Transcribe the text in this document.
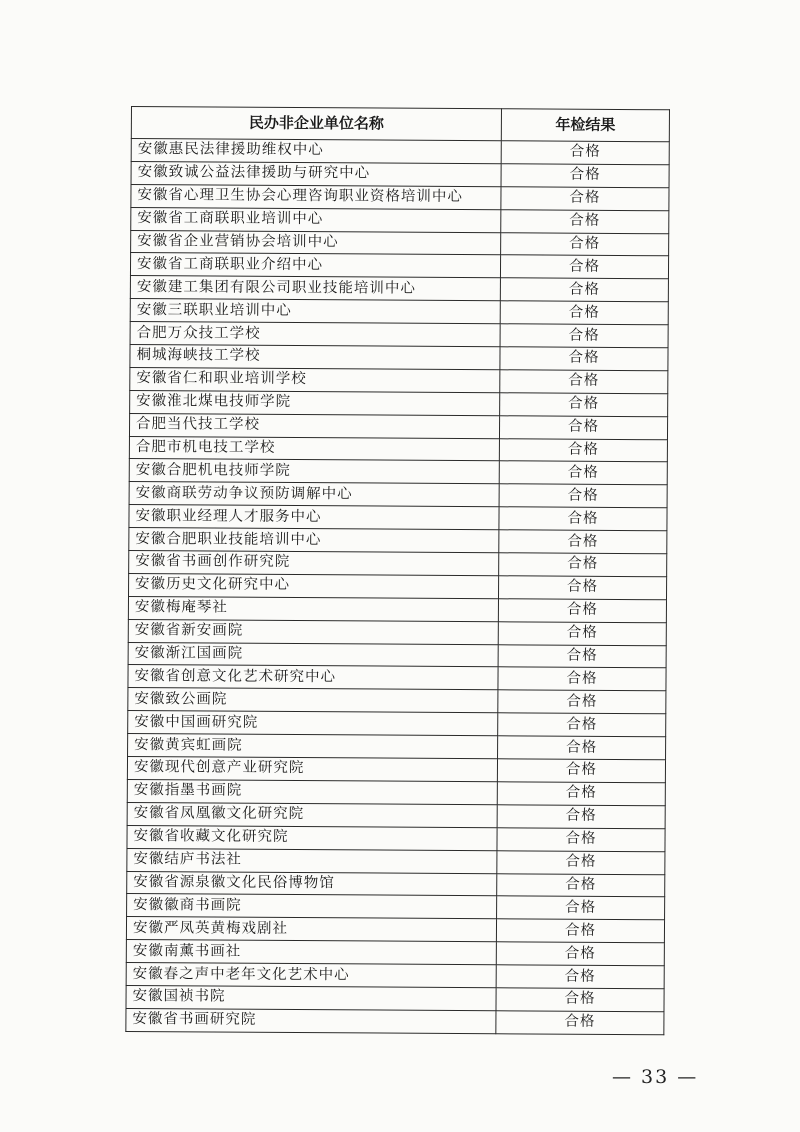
民办非企业单位名称	年检结果
安徽惠民法律援助维权中心	合格
安徽致诚公益法律援助与研究中心	合格
安徽省心理卫生协会心理咨询职业资格培训中心	合格
安徽省工商联职业培训中心	合格
安徽省企业营销协会培训中心	合格
安徽省工商联职业介绍中心	合格
安徽建工集团有限公司职业技能培训中心	合格
安徽三联职业培训中心	合格
合肥万众技工学校	合格
桐城海峡技工学校	合格
安徽省仁和职业培训学校	合格
安徽淮北煤电技师学院	合格
合肥当代技工学校	合格
合肥市机电技工学校	合格
安徽合肥机电技师学院	合格
安徽商联劳动争议预防调解中心	合格
安徽职业经理人才服务中心	合格
安徽合肥职业技能培训中心	合格
安徽省书画创作研究院	合格
安徽历史文化研究中心	合格
安徽梅庵琴社	合格
安徽省新安画院	合格
安徽渐江国画院	合格
安徽省创意文化艺术研究中心	合格
安徽致公画院	合格
安徽中国画研究院	合格
安徽黄宾虹画院	合格
安徽现代创意产业研究院	合格
安徽指墨书画院	合格
安徽省凤凰徽文化研究院	合格
安徽省收藏文化研究院	合格
安徽结庐书法社	合格
安徽省源泉徽文化民俗博物馆	合格
安徽徽商书画院	合格
安徽严凤英黄梅戏剧社	合格
安徽南薰书画社	合格
安徽春之声中老年文化艺术中心	合格
安徽国祯书院	合格
安徽省书画研究院	合格
— 33 —
